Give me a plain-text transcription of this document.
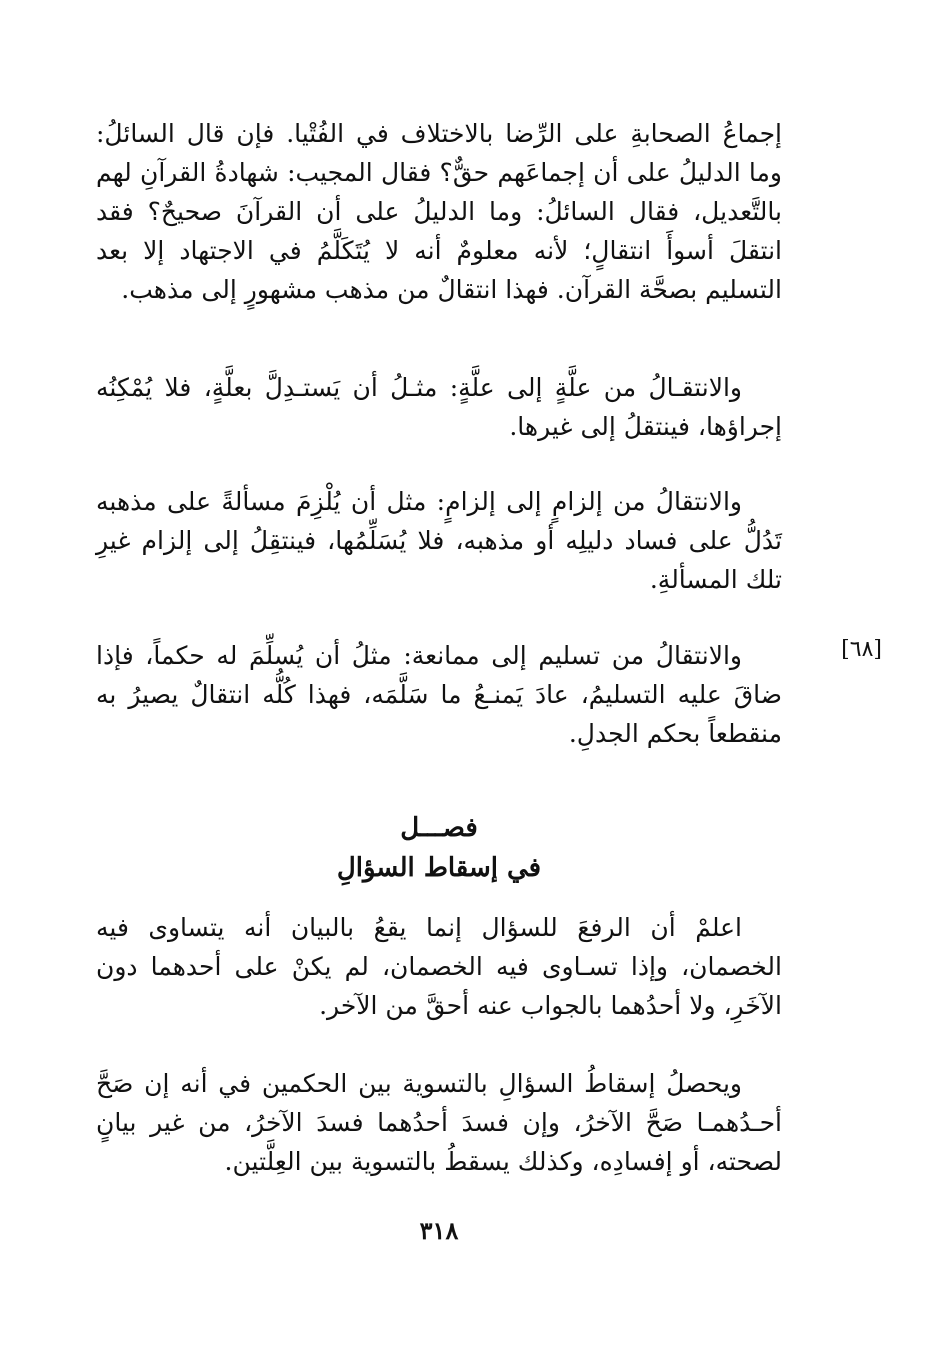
إجماعُ الصحابةِ على الرِّضا بالاختلاف في الفُتْيا. فإن قال السائلُ: وما الدليلُ على أن إجماعَهم حقٌّ؟ فقال المجيب: شهادةُ القرآنِ لهم بالتَّعديل، فقال السائلُ: وما الدليلُ على أن القرآنَ صحيحٌ؟ فقد انتقلَ أسوأَ انتقالٍ؛ لأنه معلومٌ أنه لا يُتَكَلَّمُ في الاجتهاد إلا بعد التسليم بصحَّة القرآن. فهذا انتقالٌ من مذهب مشهورٍ إلى مذهب.

والانتقـالُ من علَّةٍ إلى علَّةٍ: مثـلُ أن يَستـدِلَّ بعلَّةٍ، فلا يُمْكِنُه إجراؤها، فينتقلُ إلى غيرها.

والانتقالُ من إلزامٍ إلى إلزامٍ: مثل أن يُلْزِمَ مسألةً على مذهبه تَدُلُّ على فساد دليلِه أو مذهبه، فلا يُسَلِّمُها، فينتقِلُ إلى إلزام غيرِ تلك المسألةِ.

[٦٨]

والانتقالُ من تسليم إلى ممانعة: مثلُ أن يُسلِّمَ له حكماً، فإذا ضاقَ عليه التسليمُ، عادَ يَمنـعُ ما سَلَّمَه، فهذا كُلُّه انتقالٌ يصيرُ به منقطعاً بحكم الجدلِ.

فصـــل
في إسقاط السؤالِ

اعلمْ أن الرفعَ للسؤال إنما يقعُ بالبيان أنه يتساوى فيه الخصمان، وإذا تسـاوى فيه الخصمان، لم يكنْ على أحدهما دون الآخَرِ، ولا أحدُهما بالجواب عنه أحقَّ من الآخر.

ويحصلُ إسقاطُ السؤالِ بالتسوية بين الحكمين في أنه إن صَحَّ أحـدُهمـا صَحَّ الآخرُ، وإن فسدَ أحدُهما فسدَ الآخرُ، من غير بيانٍ لصحته، أو إفسادِه، وكذلك يسقطُ بالتسوية بين العِلَّتين.

٣١٨
